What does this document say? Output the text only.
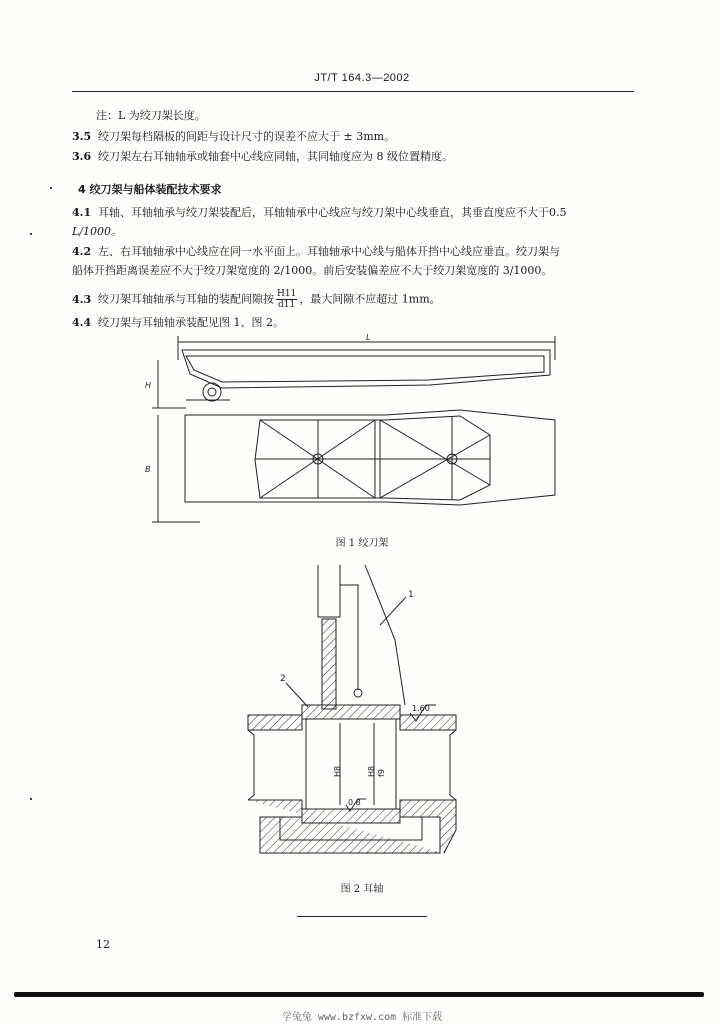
JT/T 164.3—2002
注：L 为绞刀架长度。
3.5 绞刀架每档隔板的间距与设计尺寸的误差不应大于 ± 3mm。
3.6 绞刀架左右耳轴轴承或轴套中心线应同轴，其同轴度应为 8 级位置精度。
4 绞刀架与船体装配技术要求
4.1 耳轴、耳轴轴承与绞刀架装配后，耳轴轴承中心线应与绞刀架中心线垂直，其垂直度应不大于0.5
L/1000。
4.2 左、右耳轴轴承中心线应在同一水平面上。耳轴轴承中心线与船体开挡中心线应垂直。绞刀架与
船体开挡距离误差应不大于绞刀架宽度的 2/1000。前后安装偏差应不大于绞刀架宽度的 3/1000。
4.3 绞刀架耳轴轴承与耳轴的装配间隙按 $\frac{H11}{d11}$ ，最大间隙不应超过 1mm。
4.4 绞刀架与耳轴轴承装配见图 1、图 2。
L
H
B
图 1 绞刀架
1
2
H8	H8 f9
1.60
0.8
图 2 耳轴
12
学兔兔 www.bzfxw.com 标准下载
